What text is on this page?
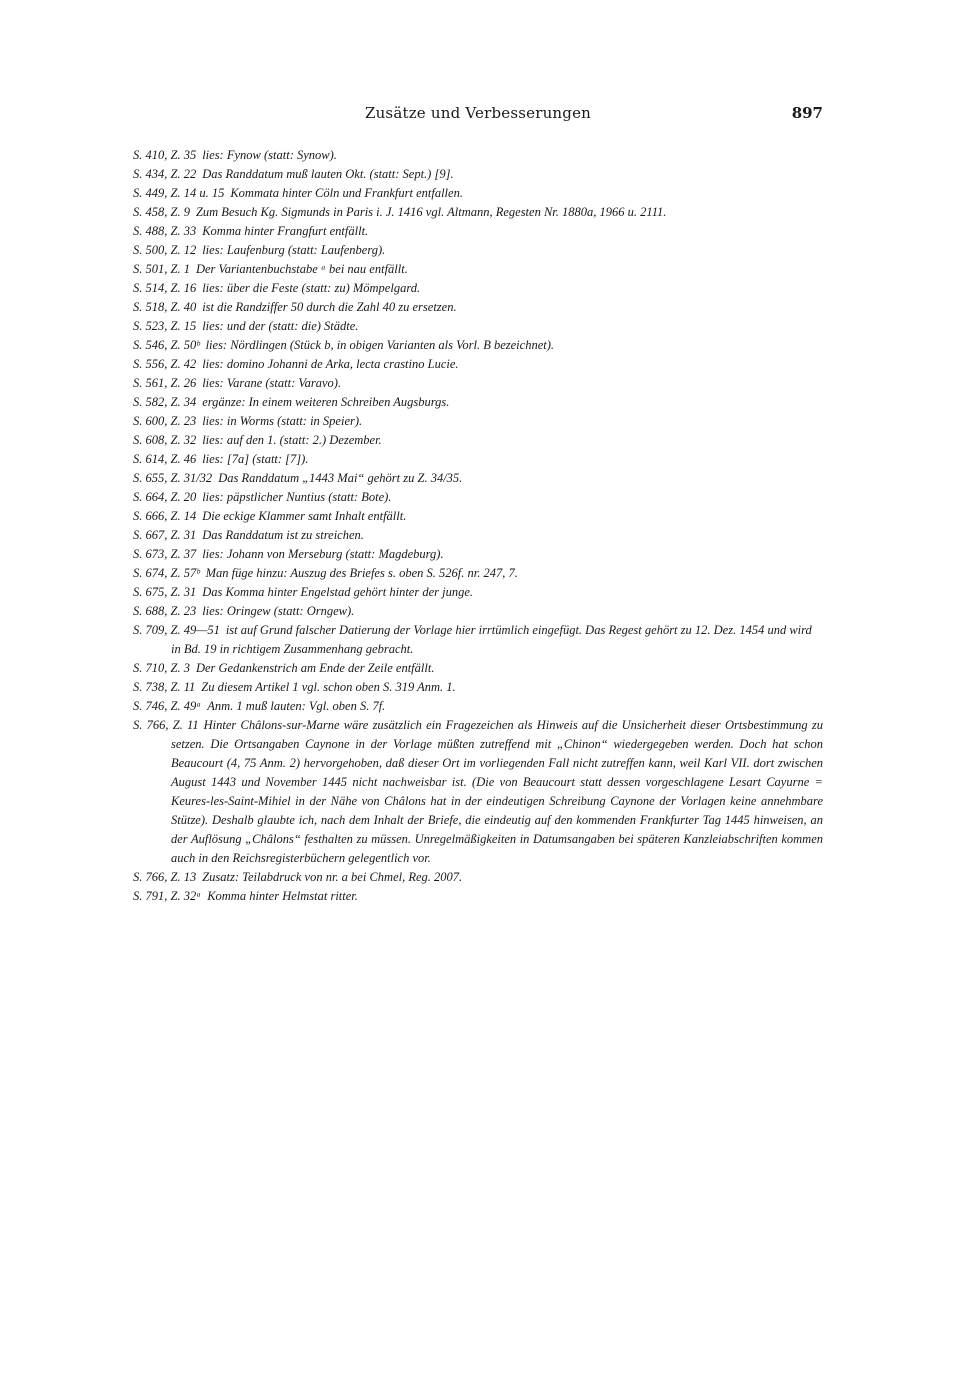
Zusätze und Verbesserungen	897

S. 410, Z. 35 lies: Fynow (statt: Synow).

S. 434, Z. 22 Das Randdatum muß lauten Okt. (statt: Sept.) [9].

S. 449, Z. 14 u. 15 Kommata hinter Cöln und Frankfurt entfallen.

S. 458, Z. 9 Zum Besuch Kg. Sigmunds in Paris i. J. 1416 vgl. Altmann, Regesten Nr. 1880a, 1966 u. 2111.

S. 488, Z. 33 Komma hinter Frangfurt entfällt.

S. 500, Z. 12 lies: Laufenburg (statt: Laufenberg).

S. 501, Z. 1 Der Variantenbuchstabe ᵃ bei nau entfällt.

S. 514, Z. 16 lies: über die Feste (statt: zu) Mömpelgard.

S. 518, Z. 40 ist die Randziffer 50 durch die Zahl 40 zu ersetzen.

S. 523, Z. 15 lies: und der (statt: die) Städte.

S. 546, Z. 50ᵇ lies: Nördlingen (Stück b, in obigen Varianten als Vorl. B bezeichnet).

S. 556, Z. 42 lies: domino Johanni de Arka, lecta crastino Lucie.

S. 561, Z. 26 lies: Varane (statt: Varavo).

S. 582, Z. 34 ergänze: In einem weiteren Schreiben Augsburgs.

S. 600, Z. 23 lies: in Worms (statt: in Speier).

S. 608, Z. 32 lies: auf den 1. (statt: 2.) Dezember.

S. 614, Z. 46 lies: [7a] (statt: [7]).

S. 655, Z. 31/32 Das Randdatum „1443 Mai“ gehört zu Z. 34/35.

S. 664, Z. 20 lies: päpstlicher Nuntius (statt: Bote).

S. 666, Z. 14 Die eckige Klammer samt Inhalt entfällt.

S. 667, Z. 31 Das Randdatum ist zu streichen.

S. 673, Z. 37 lies: Johann von Merseburg (statt: Magdeburg).

S. 674, Z. 57ᵇ Man füge hinzu: Auszug des Briefes s. oben S. 526f. nr. 247, 7.

S. 675, Z. 31 Das Komma hinter Engelstad gehört hinter der junge.

S. 688, Z. 23 lies: Oringew (statt: Orngew).

S. 709, Z. 49—51 ist auf Grund falscher Datierung der Vorlage hier irrtümlich eingefügt. Das Regest gehört zu 12. Dez. 1454 und wird in Bd. 19 in richtigem Zusammenhang gebracht.

S. 710, Z. 3 Der Gedankenstrich am Ende der Zeile entfällt.

S. 738, Z. 11 Zu diesem Artikel 1 vgl. schon oben S. 319 Anm. 1.

S. 746, Z. 49ᵃ Anm. 1 muß lauten: Vgl. oben S. 7f.

S. 766, Z. 11 Hinter Châlons-sur-Marne wäre zusätzlich ein Fragezeichen als Hinweis auf die Unsicherheit dieser Ortsbestimmung zu setzen. Die Ortsangaben Caynone in der Vorlage müßten zutreffend mit „Chinon“ wiedergegeben werden. Doch hat schon Beaucourt (4, 75 Anm. 2) hervorgehoben, daß dieser Ort im vorliegenden Fall nicht zutreffen kann, weil Karl VII. dort zwischen August 1443 und November 1445 nicht nachweisbar ist. (Die von Beaucourt statt dessen vorgeschlagene Lesart Cayurne = Keures-les-Saint-Mihiel in der Nähe von Châlons hat in der eindeutigen Schreibung Caynone der Vorlagen keine annehmbare Stütze). Deshalb glaubte ich, nach dem Inhalt der Briefe, die eindeutig auf den kommenden Frankfurter Tag 1445 hinweisen, an der Auflösung „Châlons“ festhalten zu müssen. Unregelmäßigkeiten in Datumsangaben bei späteren Kanzleiabschriften kommen auch in den Reichsregisterbüchern gelegentlich vor.

S. 766, Z. 13 Zusatz: Teilabdruck von nr. a bei Chmel, Reg. 2007.

S. 791, Z. 32ᵃ Komma hinter Helmstat ritter.
